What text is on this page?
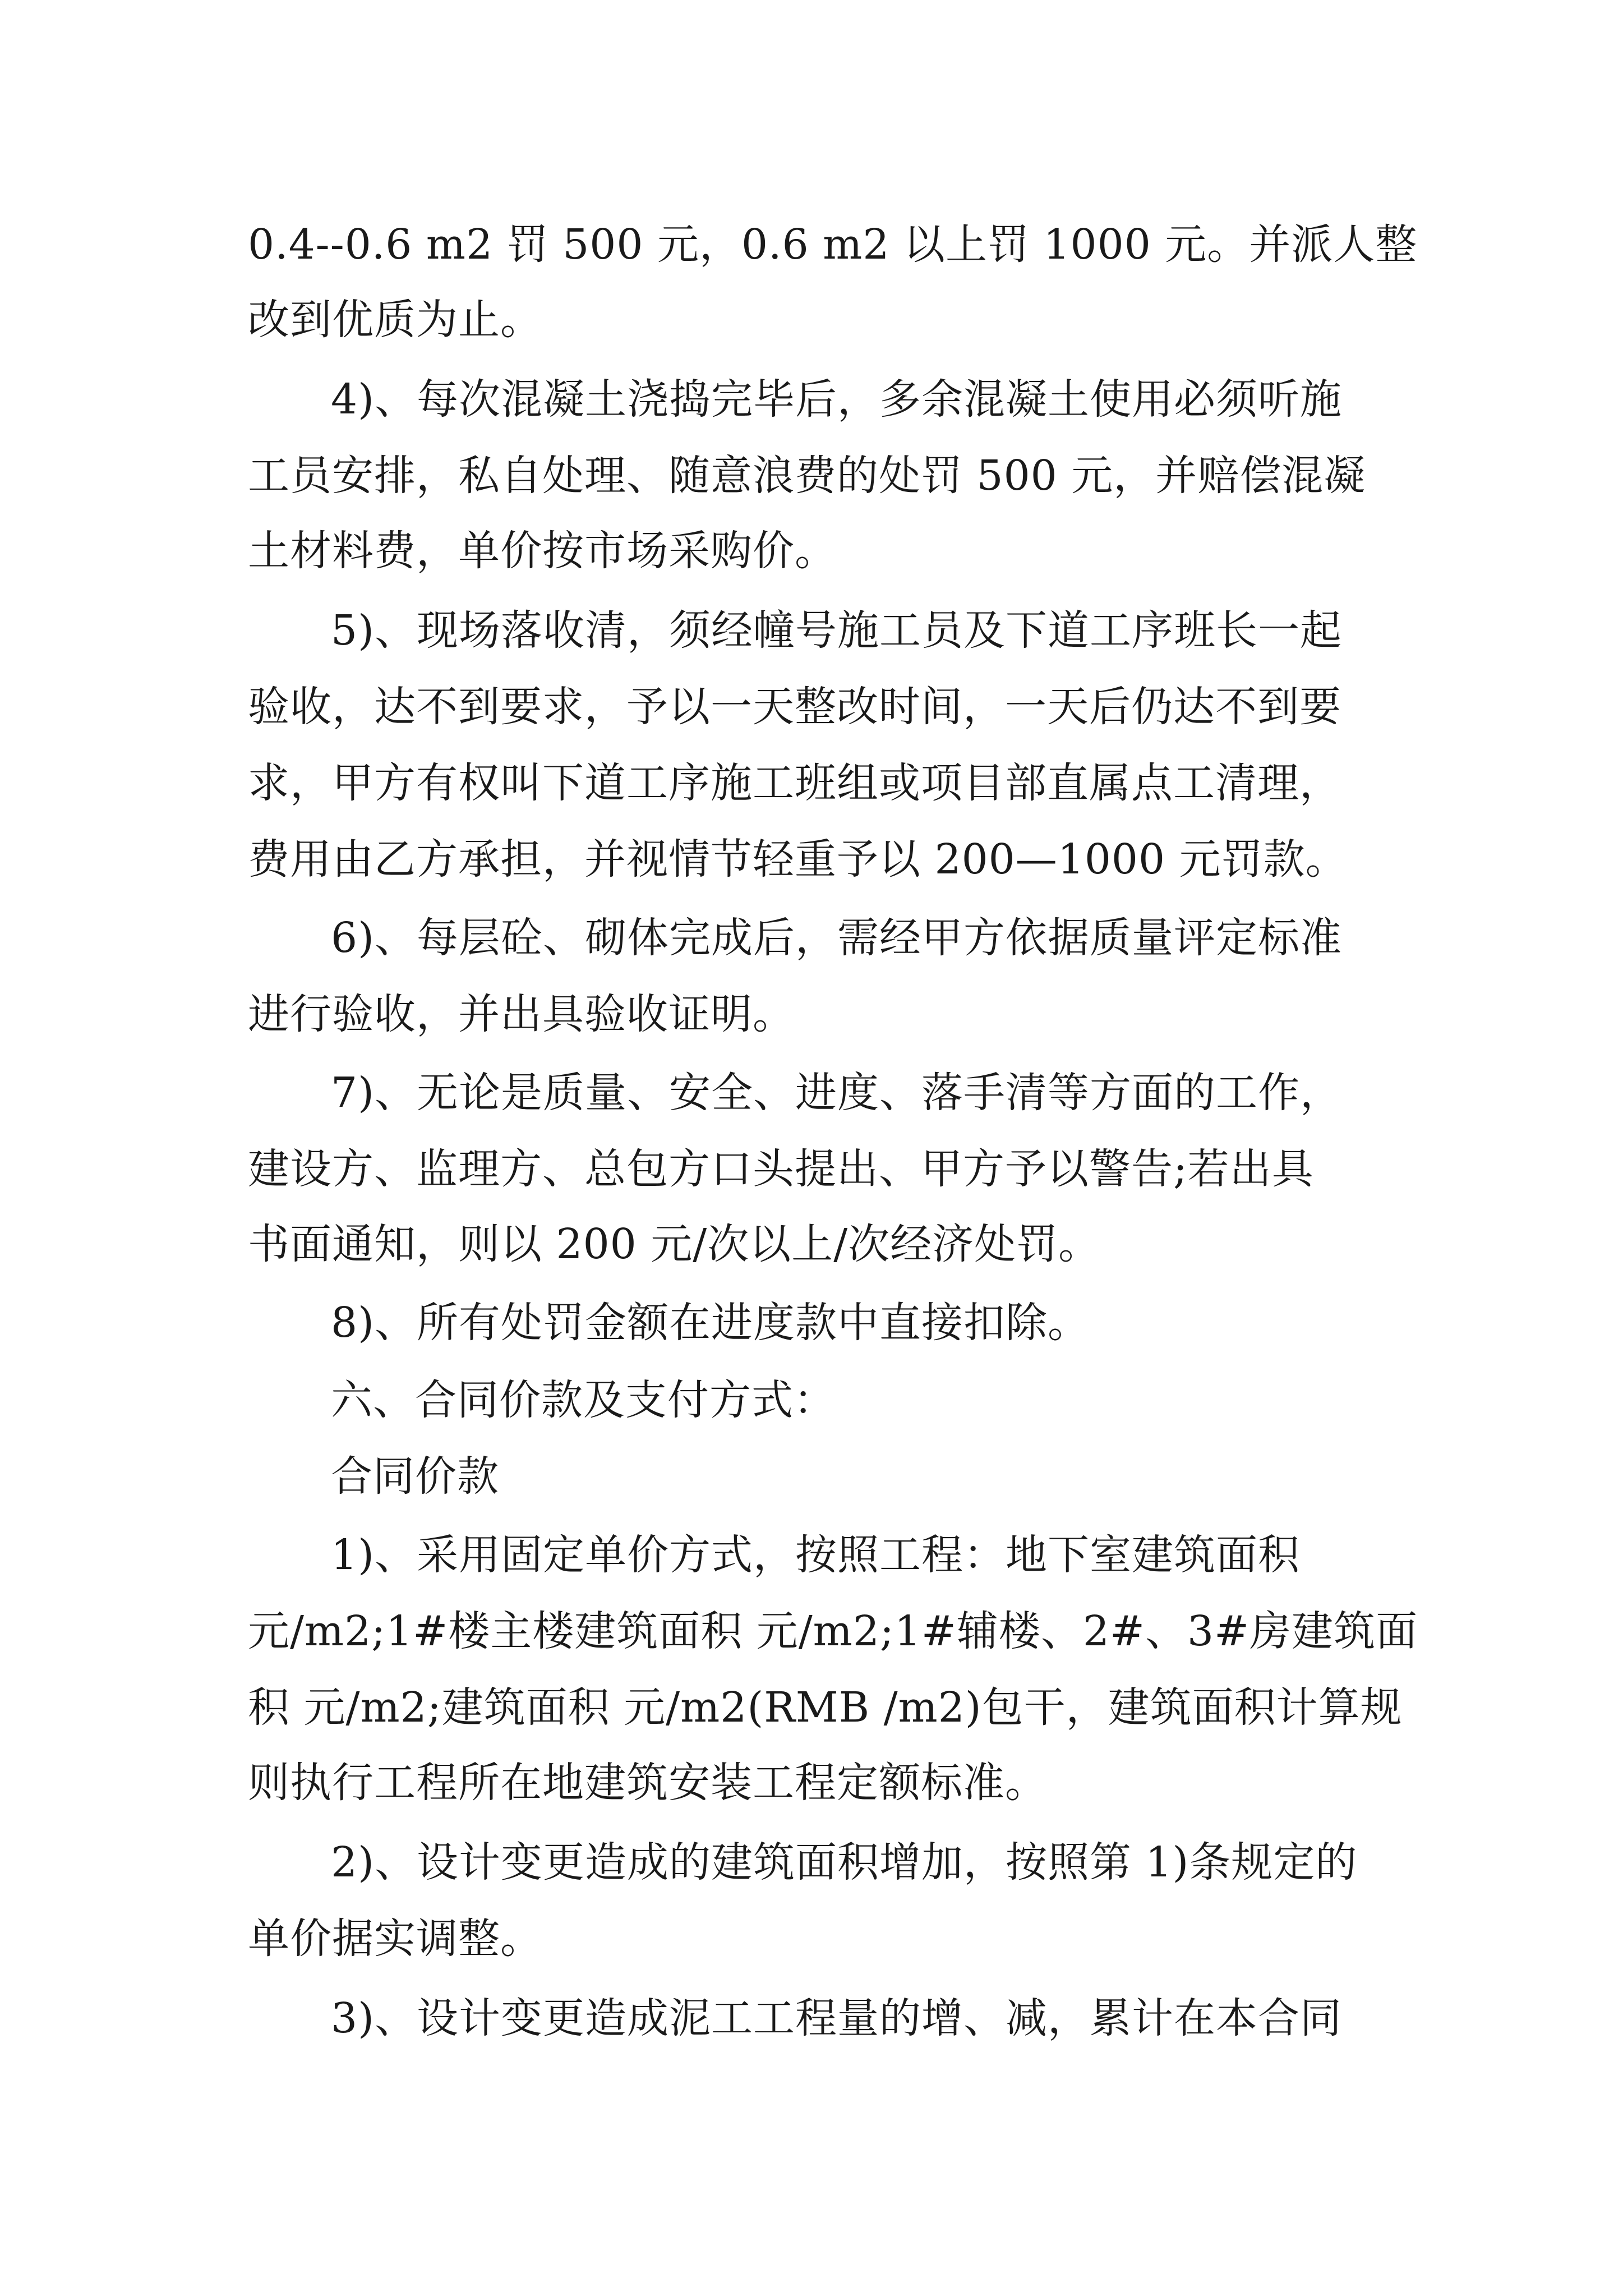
0.4--0.6 m2 罚 500 元，0.6 m2 以上罚 1000 元。并派人整

改到优质为止。

4)、每次混凝土浇捣完毕后，多余混凝土使用必须听施

工员安排，私自处理、随意浪费的处罚 500 元，并赔偿混凝

土材料费，单价按市场采购价。

5)、现场落收清，须经幢号施工员及下道工序班长一起

验收，达不到要求，予以一天整改时间，一天后仍达不到要

求，甲方有权叫下道工序施工班组或项目部直属点工清理，

费用由乙方承担，并视情节轻重予以 200—1000 元罚款。

6)、每层砼、砌体完成后，需经甲方依据质量评定标准

进行验收，并出具验收证明。

7)、无论是质量、安全、进度、落手清等方面的工作，

建设方、监理方、总包方口头提出、甲方予以警告;若出具

书面通知，则以 200 元/次以上/次经济处罚。

8)、所有处罚金额在进度款中直接扣除。

六、合同价款及支付方式：

合同价款

1)、采用固定单价方式，按照工程：地下室建筑面积

元/m2;1#楼主楼建筑面积 元/m2;1#辅楼、2#、3#房建筑面

积 元/m2;建筑面积 元/m2(RMB /m2)包干，建筑面积计算规

则执行工程所在地建筑安装工程定额标准。

2)、设计变更造成的建筑面积增加，按照第 1)条规定的

单价据实调整。

3)、设计变更造成泥工工程量的增、减，累计在本合同
